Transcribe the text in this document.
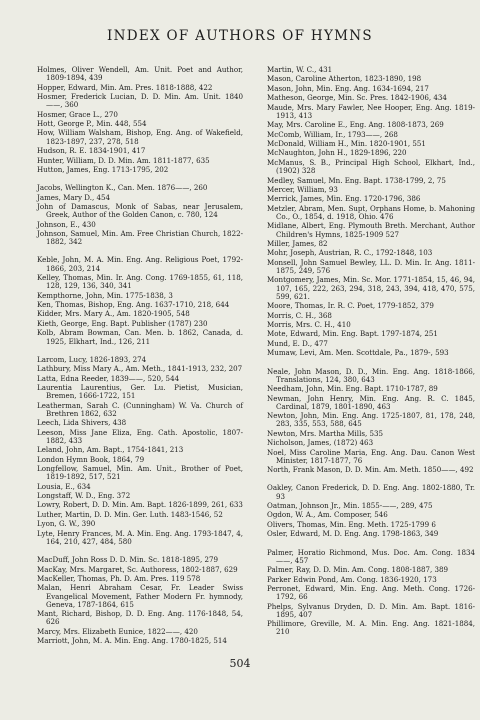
INDEX OF AUTHORS OF HYMNS

Holmes, Oliver Wendell, Am. Unit. Poet and Author, 1809-1894, 439

Hopper, Edward, Min. Am. Pres. 1818-1888, 422

Hosmer, Frederick Lucian, D. D. Min. Am. Unit. 1840——, 360

Hosmer, Grace L., 270

Hott, George P., Min. 448, 554

How, William Walsham, Bishop, Eng. Ang. of Wakefield, 1823-1897, 237, 278, 518

Hudson, R. E. 1834-1901, 417

Hunter, William, D. D. Min. Am. 1811-1877, 635

Hutton, James, Eng. 1713-1795, 202

Jacobs, Wellington K., Can. Men. 1876——, 260

James, Mary D., 454

John of Damascus, Monk of Sabas, near Jerusalem, Greek, Author of the Golden Canon, c. 780, 124

Johnson, E., 430

Johnson, Samuel, Min. Am. Free Christian Church, 1822-1882, 342

Keble, John, M. A. Min. Eng. Ang. Religious Poet, 1792-1866, 203, 214

Kelley, Thomas, Min. Ir. Ang. Cong. 1769-1855, 61, 118, 128, 129, 136, 340, 341

Kempthorne, John, Min. 1775-1838, 3

Ken, Thomas, Bishop, Eng. Ang. 1637-1710, 218, 644

Kidder, Mrs. Mary A., Am. 1820-1905, 548

Kieth, George, Eng. Bapt. Publisher (1787) 230

Kolb, Abram Bowman, Can. Men. b. 1862, Canada, d. 1925, Elkhart, Ind., 126, 211

Larcom, Lucy, 1826-1893, 274

Lathbury, Miss Mary A., Am. Meth., 1841-1913, 232, 207

Latta, Edna Reeder, 1839——, 520, 544

Laurentia Laurentius, Ger. Lu. Pietist, Musician, Bremen, 1666-1722, 151

Leatherman, Sarah C. (Cunningham) W. Va. Church of Brethren 1862, 632

Leech, Lida Shivers, 438

Leeson, Miss Jane Eliza, Eng. Cath. Apostolic, 1807-1882, 433

Leland, John, Am. Bapt., 1754-1841, 213

London Hymn Book, 1864, 79

Longfellow, Samuel, Min. Am. Unit., Brother of Poet, 1819-1892, 517, 521

Lousia, E., 634

Longstaff, W. D., Eng. 372

Lowry, Robert, D. D. Min. Am. Bapt. 1826-1899, 261, 633

Luther, Martin, D. D. Min. Ger. Luth. 1483-1546, 52

Lyon, G. W., 390

Lyte, Henry Frances, M. A. Min. Eng. Ang. 1793-1847, 4, 164, 210, 427, 484, 580

MacDuff, John Ross D. D. Min. Sc. 1818-1895, 279

MacKay, Mrs. Margaret, Sc. Authoress, 1802-1887, 629

MacKeller, Thomas, Ph. D. Am. Pres. 119 578

Malan, Henri Abraham Cesar, Fr. Leader Swiss Evangelical Movement, Father Modern Fr. hymnody, Geneva, 1787-1864, 615

Mant, Richard, Bishop, D. D. Eng. Ang. 1176-1848, 54, 626

Marcy, Mrs. Elizabeth Eunice, 1822——, 420

Marriott, John, M. A. Min. Eng. Ang. 1780-1825, 514

Martin, W. C., 431

Mason, Caroline Atherton, 1823-1890, 198

Mason, John, Min. Eng. Ang. 1634-1694, 217

Matheson, George, Min. Sc. Pres. 1842-1906, 434

Maude, Mrs. Mary Fawler, Nee Hooper, Eng. Ang. 1819-1913, 413

May, Mrs. Caroline E., Eng. Ang. 1808-1873, 269

McComb, William, Ir., 1793——, 268

McDonald, William H., Min. 1820-1901, 551

McNaughton, John H., 1829-1896, 220

McManus, S. B., Principal High School, Elkhart, Ind., (1902) 328

Medley, Samuel, Mn. Eng. Bapt. 1738-1799, 2, 75

Mercer, William, 93

Merrick, James, Min. Eng. 1720-1796, 386

Metzler, Abram, Men. Supt, Orphans Home, b. Mahoning Co., O., 1854, d. 1918, Ohio. 476

Midlane, Albert, Eng. Plymouth Breth. Merchant, Author Children's Hymns, 1825-1909 527

Miller, James, 82

Mohr, Joseph, Austrian, R. C., 1792-1848, 103

Monsell, John Samuel Bewley, LL. D. Min. Ir. Ang. 1811-1875, 249, 576

Montgomery, James, Min. Sc. Mor. 1771-1854, 15, 46, 94, 107, 165, 222, 263, 294, 318, 243, 394, 418, 470, 575, 599, 621.

Moore, Thomas, Ir. R. C. Poet, 1779-1852, 379

Morris, C. H., 368

Morris, Mrs. C. H., 410

Mote, Edward, Min. Eng. Bapt. 1797-1874, 251

Mund, E. D., 477

Mumaw, Levi, Am. Men. Scottdale, Pa., 1879-, 593

Neale, John Mason, D. D., Min. Eng. Ang. 1818-1866, Translations, 124, 380, 643

Needham, John, Min. Eng. Bapt. 1710-1787, 89

Newman, John Henry, Min. Eng. Ang. R. C. 1845, Cardinal, 1879, 1801-1890, 463

Newton, John, Min. Eng. Ang. 1725-1807, 81, 178, 248, 283, 335, 553, 588, 645

Newton, Mrs. Martha Mills, 535

Nicholson, James, (1872) 463

Noel, Miss Caroline Maria, Eng. Ang. Dau. Canon West Minister, 1817-1877, 76

North, Frank Mason, D. D. Min. Am. Meth. 1850——, 492

Oakley, Canon Frederick, D. D. Eng. Ang. 1802-1880, Tr. 93

Oatman, Johnson Jr., Min. 1855-——, 289, 475

Ogdon, W. A., Am. Composer, 546

Olivers, Thomas, Min. Eng. Meth. 1725-1799 6

Osler, Edward, M. D. Eng. Ang. 1798-1863, 349

Palmer, Horatio Richmond, Mus. Doc. Am. Cong. 1834——, 457

Palmer, Ray, D. D. Min. Am. Cong. 1808-1887, 389

Parker Edwin Pond, Am. Cong. 1836-1920, 173

Perronet, Edward, Min. Eng. Ang. Meth. Cong. 1726-1792, 66

Phelps, Sylvanus Dryden, D. D. Min. Am. Bapt. 1816-1895, 407

Phillimore, Greville, M. A. Min. Eng. Ang. 1821-1884, 210

504
